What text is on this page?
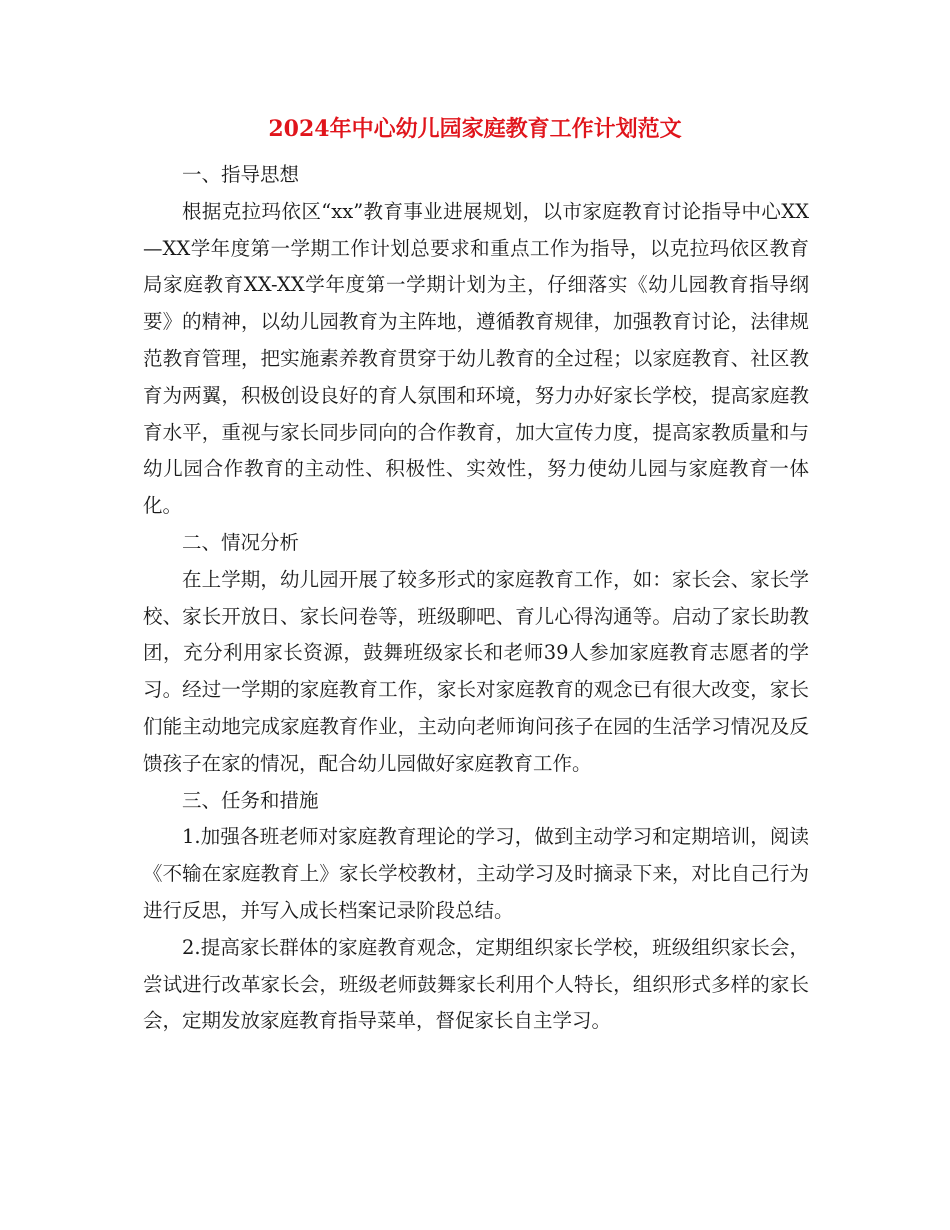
2024年中心幼儿园家庭教育工作计划范文

一、指导思想

根据克拉玛依区“xx”教育事业进展规划，以市家庭教育讨论指导中心XX—XX学年度第一学期工作计划总要求和重点工作为指导，以克拉玛依区教育局家庭教育XX-XX学年度第一学期计划为主，仔细落实《幼儿园教育指导纲要》的精神，以幼儿园教育为主阵地，遵循教育规律，加强教育讨论，法律规范教育管理，把实施素养教育贯穿于幼儿教育的全过程；以家庭教育、社区教育为两翼，积极创设良好的育人氛围和环境，努力办好家长学校，提高家庭教育水平，重视与家长同步同向的合作教育，加大宣传力度，提高家教质量和与幼儿园合作教育的主动性、积极性、实效性，努力使幼儿园与家庭教育一体化。

二、情况分析

在上学期，幼儿园开展了较多形式的家庭教育工作，如：家长会、家长学校、家长开放日、家长问卷等，班级聊吧、育儿心得沟通等。启动了家长助教团，充分利用家长资源，鼓舞班级家长和老师39人参加家庭教育志愿者的学习。经过一学期的家庭教育工作，家长对家庭教育的观念已有很大改变，家长们能主动地完成家庭教育作业，主动向老师询问孩子在园的生活学习情况及反馈孩子在家的情况，配合幼儿园做好家庭教育工作。

三、任务和措施

1.加强各班老师对家庭教育理论的学习，做到主动学习和定期培训，阅读《不输在家庭教育上》家长学校教材，主动学习及时摘录下来，对比自己行为进行反思，并写入成长档案记录阶段总结。

2.提高家长群体的家庭教育观念，定期组织家长学校，班级组织家长会，尝试进行改革家长会，班级老师鼓舞家长利用个人特长，组织形式多样的家长会，定期发放家庭教育指导菜单，督促家长自主学习。
